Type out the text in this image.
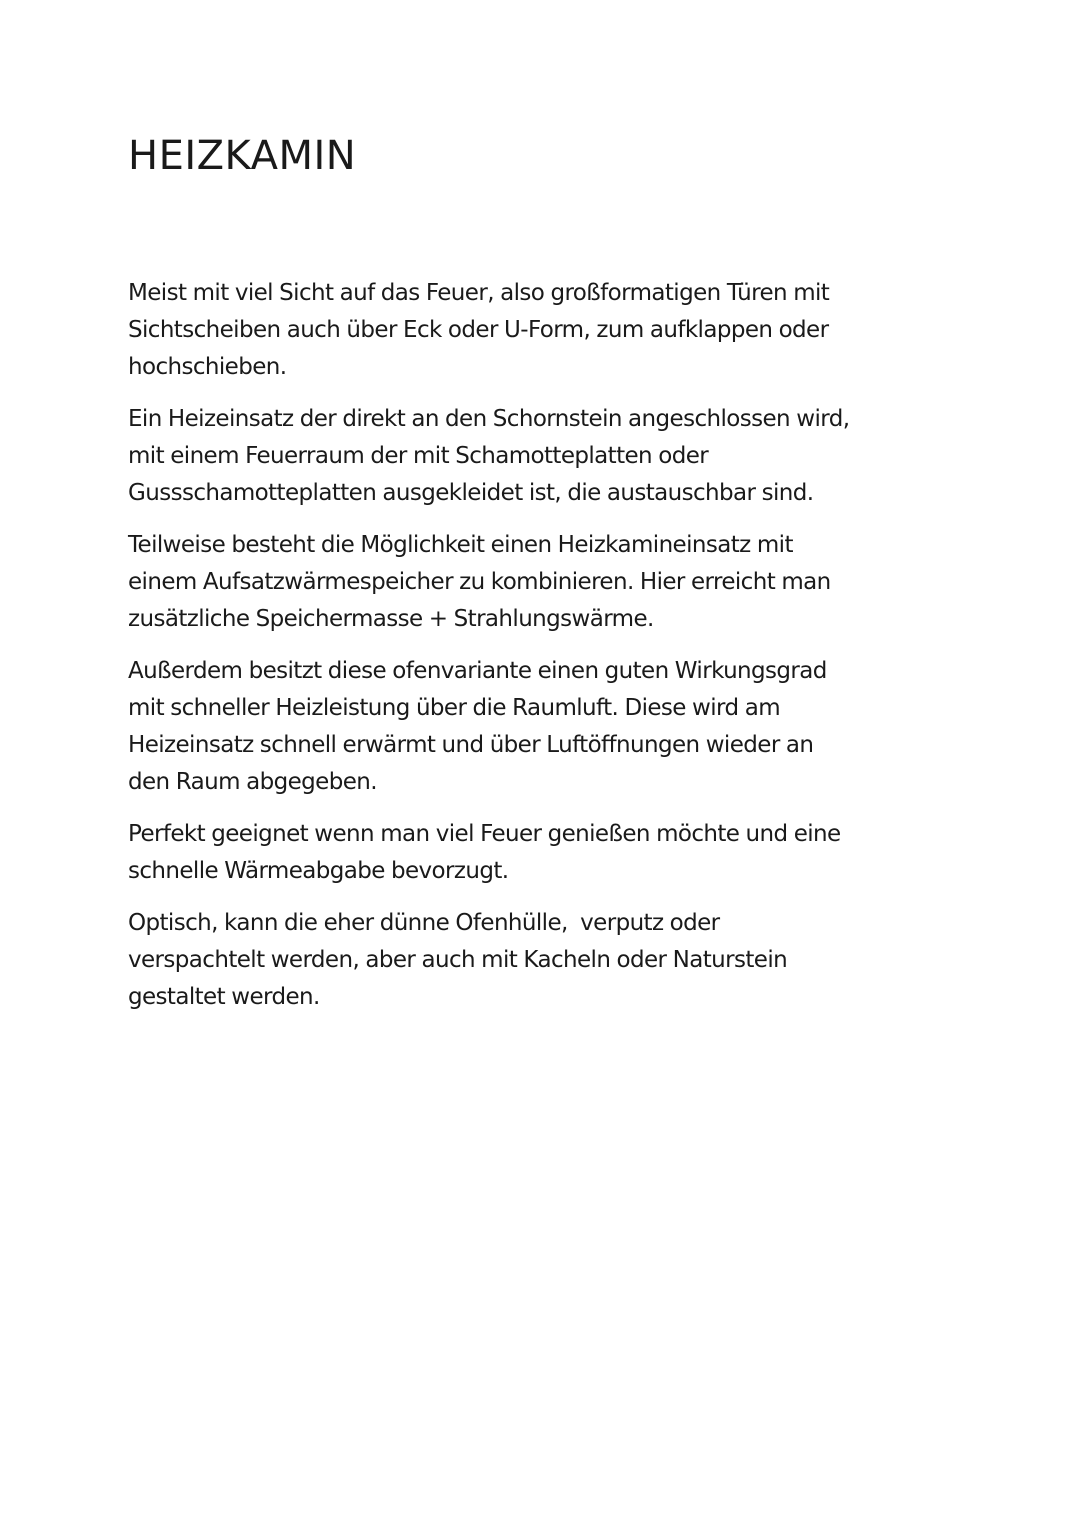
HEIZKAMIN

Meist mit viel Sicht auf das Feuer, also großformatigen Türen mit
Sichtscheiben auch über Eck oder U-Form, zum aufklappen oder
hochschieben.

Ein Heizeinsatz der direkt an den Schornstein angeschlossen wird,
mit einem Feuerraum der mit Schamotteplatten oder
Gussschamotteplatten ausgekleidet ist, die austauschbar sind.

Teilweise besteht die Möglichkeit einen Heizkamineinsatz mit
einem Aufsatzwärmespeicher zu kombinieren. Hier erreicht man
zusätzliche Speichermasse + Strahlungswärme.

Außerdem besitzt diese ofenvariante einen guten Wirkungsgrad
mit schneller Heizleistung über die Raumluft. Diese wird am
Heizeinsatz schnell erwärmt und über Luftöffnungen wieder an
den Raum abgegeben.

Perfekt geeignet wenn man viel Feuer genießen möchte und eine
schnelle Wärmeabgabe bevorzugt.

Optisch, kann die eher dünne Ofenhülle,  verputz oder
verspachtelt werden, aber auch mit Kacheln oder Naturstein
gestaltet werden.
